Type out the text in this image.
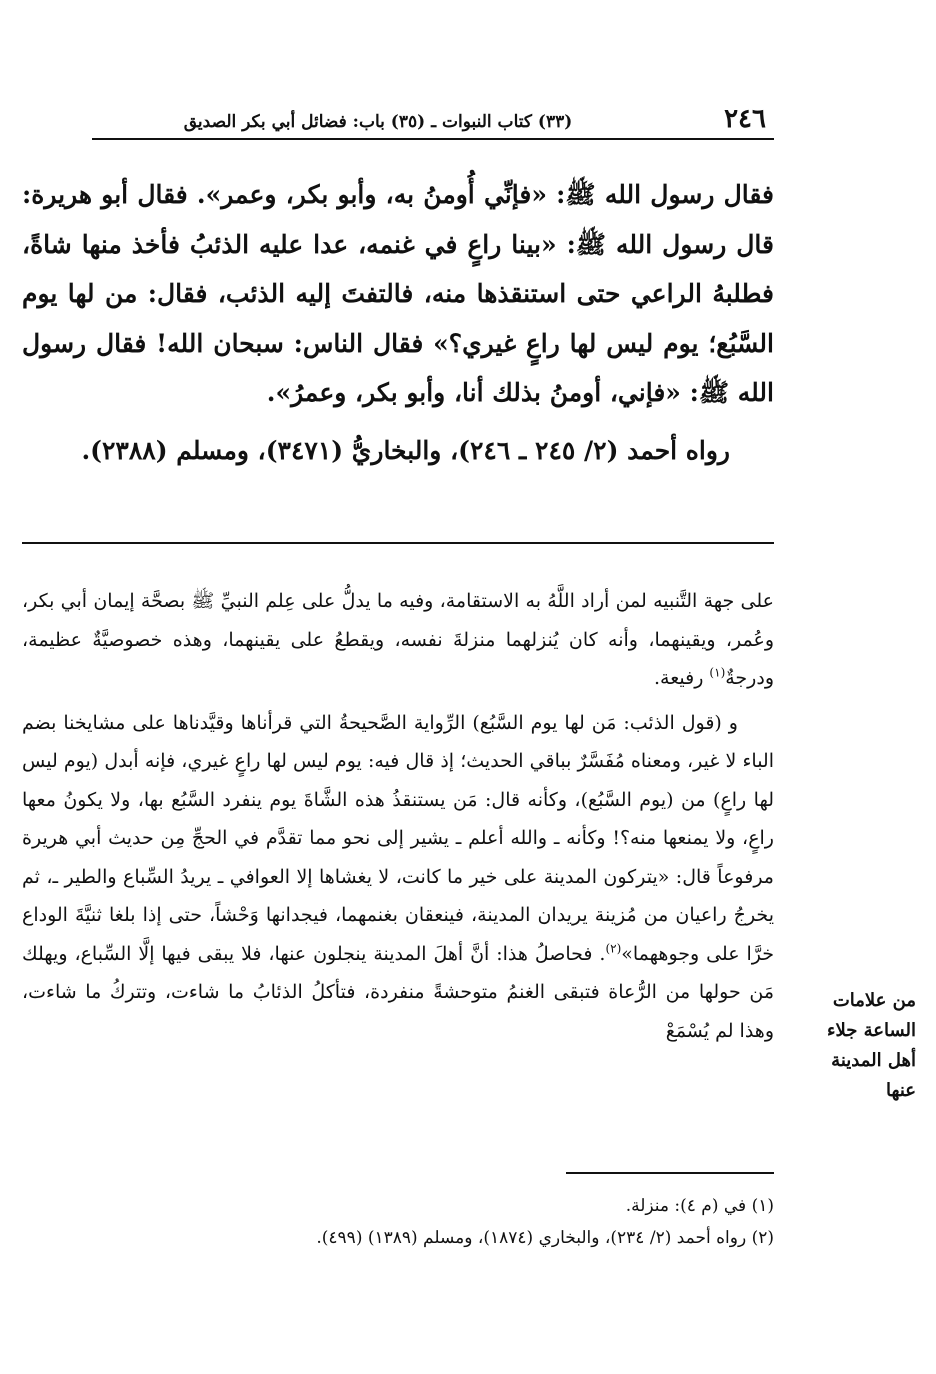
٢٤٦
(٣٣) كتاب النبوات ـ (٣٥) باب: فضائل أبي بكر الصديق

فقال رسول الله ﷺ: «فإنِّي أُومنُ به، وأبو بكر، وعمر». فقال أبو هريرة: قال رسول الله ﷺ: «بينا راعٍ في غنمه، عدا عليه الذئبُ فأخذ منها شاةً، فطلبهُ الراعي حتى استنقذها منه، فالتفتَ إليه الذئب، فقال: من لها يوم السَّبُع؛ يوم ليس لها راعٍ غيري؟» فقال الناس: سبحان الله! فقال رسول الله ﷺ: «فإني، أومنُ بذلك أنا، وأبو بكر، وعمرُ».

رواه أحمد (٢/ ٢٤٥ ـ ٢٤٦)، والبخاريُّ (٣٤٧١)، ومسلم (٢٣٨٨).

على جهة التَّنبيه لمن أراد اللَّهُ به الاستقامة، وفيه ما يدلُّ على عِلم النبيِّ ﷺ بصحَّة إيمان أبي بكر، وعُمر، ويقينهما، وأنه كان يُنزلهما منزلةَ نفسه، ويقطعُ على يقينهما، وهذه خصوصيَّةٌ عظيمة، ودرجةٌ$^{(١)}$ رفيعة.

و (قول الذئب: مَن لها يوم السَّبُع) الرِّواية الصَّحيحةُ التي قرأناها وقيَّدناها على مشايخنا بضم الباء لا غير، ومعناه مُفَسَّرٌ بباقي الحديث؛ إذ قال فيه: يوم ليس لها راعٍ غيري، فإنه أبدل (يوم ليس لها راعٍ) من (يوم السَّبُع)، وكأنه قال: مَن يستنقذُ هذه الشَّاةَ يوم ينفرد السَّبُع بها، ولا يكونُ معها راعٍ، ولا يمنعها منه؟! وكأنه ـ والله أعلم ـ يشير إلى نحو مما تقدَّم في الحجِّ مِن حديث أبي هريرة مرفوعاً قال: «يتركون المدينة على خير ما كانت، لا يغشاها إلا العوافي ـ يريدُ السِّباع والطير ـ، ثم يخرجُ راعيان من مُزينة يريدان المدينة، فينعقان بغنمهما، فيجدانها وَحْشاً، حتى إذا بلغا ثنيَّةَ الوداع خرَّا على وجوههما»$^{(٢)}$. فحاصلُ هذا: أنَّ أهلَ المدينة ينجلون عنها، فلا يبقى فيها إلَّا السِّباع، ويهلك مَن حولها من الرُّعاة فتبقى الغنمُ متوحشةً منفردة، فتأكلُ الذئابُ ما شاءت، وتتركُ ما شاءت، وهذا لم يُسْمَعْ

من علامات
الساعة جلاء
أهل المدينة
عنها
(١) في (م ٤): منزلة.
(٢) رواه أحمد (٢/ ٢٣٤)، والبخاري (١٨٧٤)، ومسلم (١٣٨٩) (٤٩٩).
